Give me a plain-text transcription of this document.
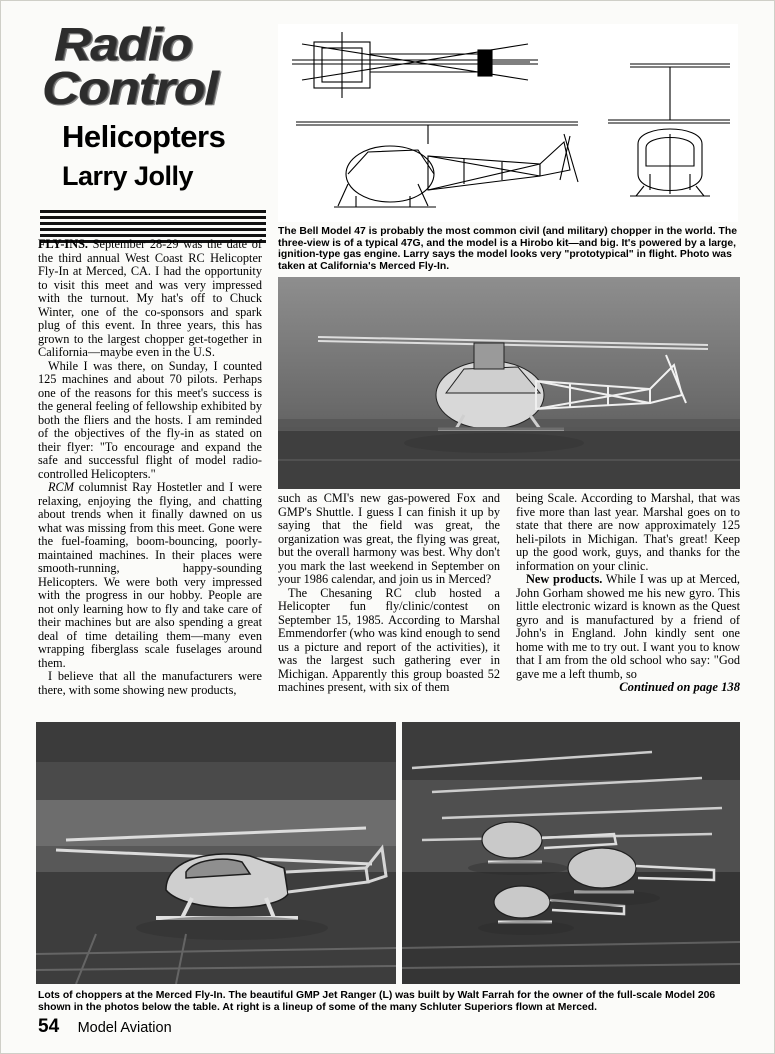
Radio
Control
Helicopters
Larry Jolly
The Bell Model 47 is probably the most common civil (and military) chopper in the world. The three-view is of a typical 47G, and the model is a Hirobo kit—and big. It's powered by a large, ignition-type gas engine. Larry says the model looks very "prototypical" in flight. Photo was taken at California's Merced Fly-In.

FLY-INS. September 28-29 was the date of the third annual West Coast RC Helicopter Fly-In at Merced, CA. I had the opportunity to visit this meet and was very impressed with the turnout. My hat's off to Chuck Winter, one of the co-sponsors and spark plug of this event. In three years, this has grown to the largest chopper get-together in California—maybe even in the U.S.

While I was there, on Sunday, I counted 125 machines and about 70 pilots. Perhaps one of the reasons for this meet's success is the general feeling of fellowship exhibited by both the fliers and the hosts. I am reminded of the objectives of the fly-in as stated on their flyer: "To encourage and expand the safe and successful flight of model radio-controlled Helicopters."

RCM columnist Ray Hostetler and I were relaxing, enjoying the flying, and chatting about trends when it finally dawned on us what was missing from this meet. Gone were the fuel-foaming, boom-bouncing, poorly-maintained machines. In their places were smooth-running, happy-sounding Helicopters. We were both very impressed with the progress in our hobby. People are not only learning how to fly and take care of their machines but are also spending a great deal of time detailing them—many even wrapping fiberglass scale fuselages around them.

I believe that all the manufacturers were there, with some showing new products,

such as CMI's new gas-powered Fox and GMP's Shuttle. I guess I can finish it up by saying that the field was great, the organization was great, the flying was great, but the overall harmony was best. Why don't you mark the last weekend in September on your 1986 calendar, and join us in Merced?

The Chesaning RC club hosted a Helicopter fun fly/clinic/contest on September 15, 1985. According to Marshal Emmendorfer (who was kind enough to send us a picture and report of the activities), it was the largest such gathering ever in Michigan. Apparently this group boasted 52 machines present, with six of them

being Scale. According to Marshal, that was five more than last year. Marshal goes on to state that there are now approximately 125 heli-pilots in Michigan. That's great! Keep up the good work, guys, and thanks for the information on your clinic.

New products. While I was up at Merced, John Gorham showed me his new gyro. This little electronic wizard is known as the Quest gyro and is manufactured by a friend of John's in England. John kindly sent one home with me to try out. I want you to know that I am from the old school who say: "God gave me a left thumb, so

Continued on page 138

Lots of choppers at the Merced Fly-In. The beautiful GMP Jet Ranger (L) was built by Walt Farrah for the owner of the full-scale Model 206 shown in the photos below the table. At right is a lineup of some of the many Schluter Superiors flown at Merced.
54 Model Aviation
